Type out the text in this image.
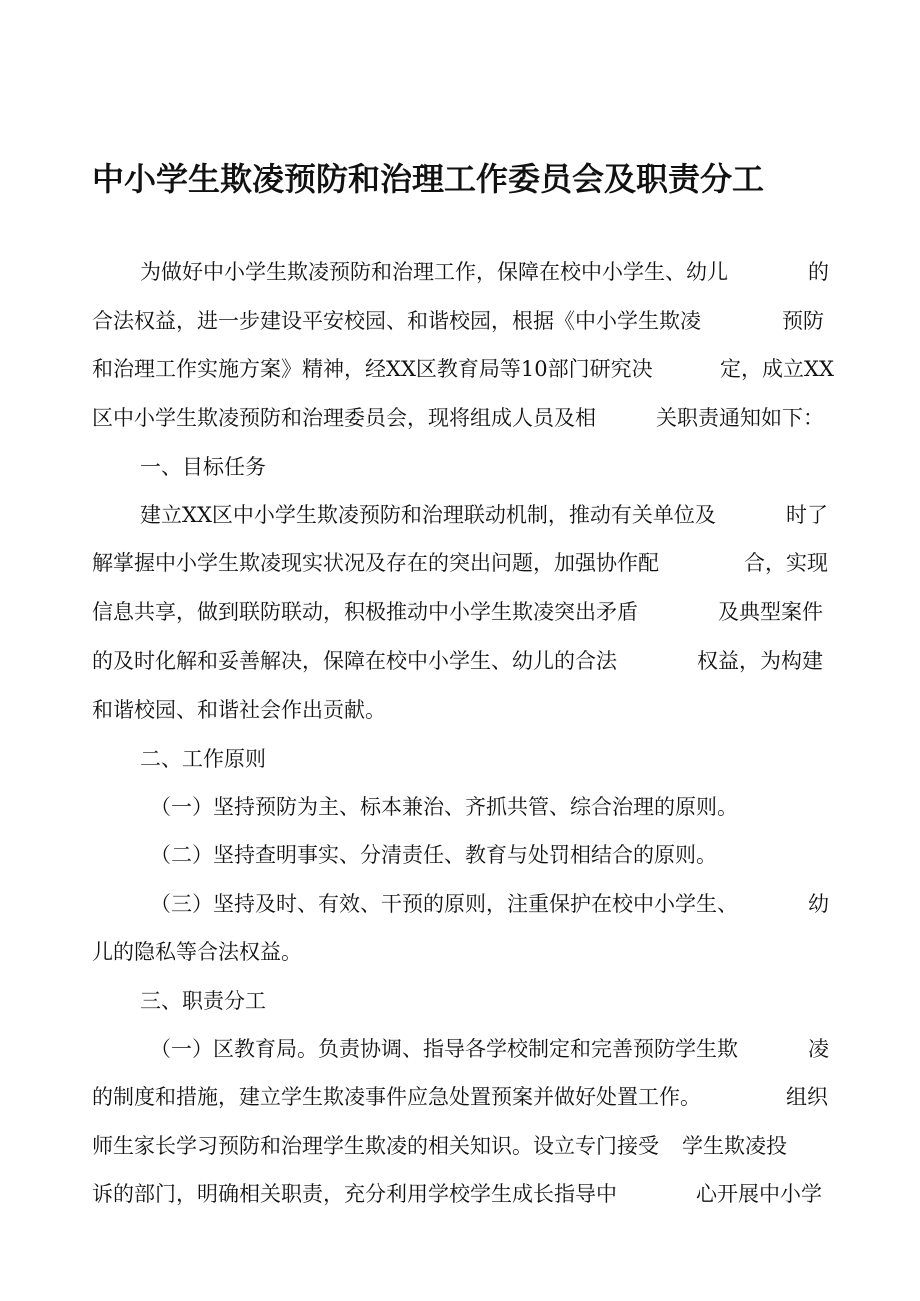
中小学生欺凌预防和治理工作委员会及职责分工
为做好中小学生欺凌预防和治理工作，保障在校中小学生、幼儿	的
合法权益，进一步建设平安校园、和谐校园，根据《中小学生欺凌	预防
和治理工作实施方案》精神，经XX区教育局等10部门研究决	定，成立XX
区中小学生欺凌预防和治理委员会，现将组成人员及相	关职责通知如下：
一、目标任务
建立XX区中小学生欺凌预防和治理联动机制，推动有关单位及	时了
解掌握中小学生欺凌现实状况及存在的突出问题，加强协作配	合，实现
信息共享，做到联防联动，积极推动中小学生欺凌突出矛盾	及典型案件
的及时化解和妥善解决，保障在校中小学生、幼儿的合法	权益，为构建
和谐校园、和谐社会作出贡献。
二、工作原则
（一）坚持预防为主、标本兼治、齐抓共管、综合治理的原则。
（二）坚持查明事实、分清责任、教育与处罚相结合的原则。
（三）坚持及时、有效、干预的原则，注重保护在校中小学生、	幼
儿的隐私等合法权益。
三、职责分工
（一）区教育局。负责协调、指导各学校制定和完善预防学生欺	凌
的制度和措施，建立学生欺凌事件应急处置预案并做好处置工作。	组织
师生家长学习预防和治理学生欺凌的相关知识。设立专门接受 学生欺凌投
诉的部门，明确相关职责，充分利用学校学生成长指导中	心开展中小学
